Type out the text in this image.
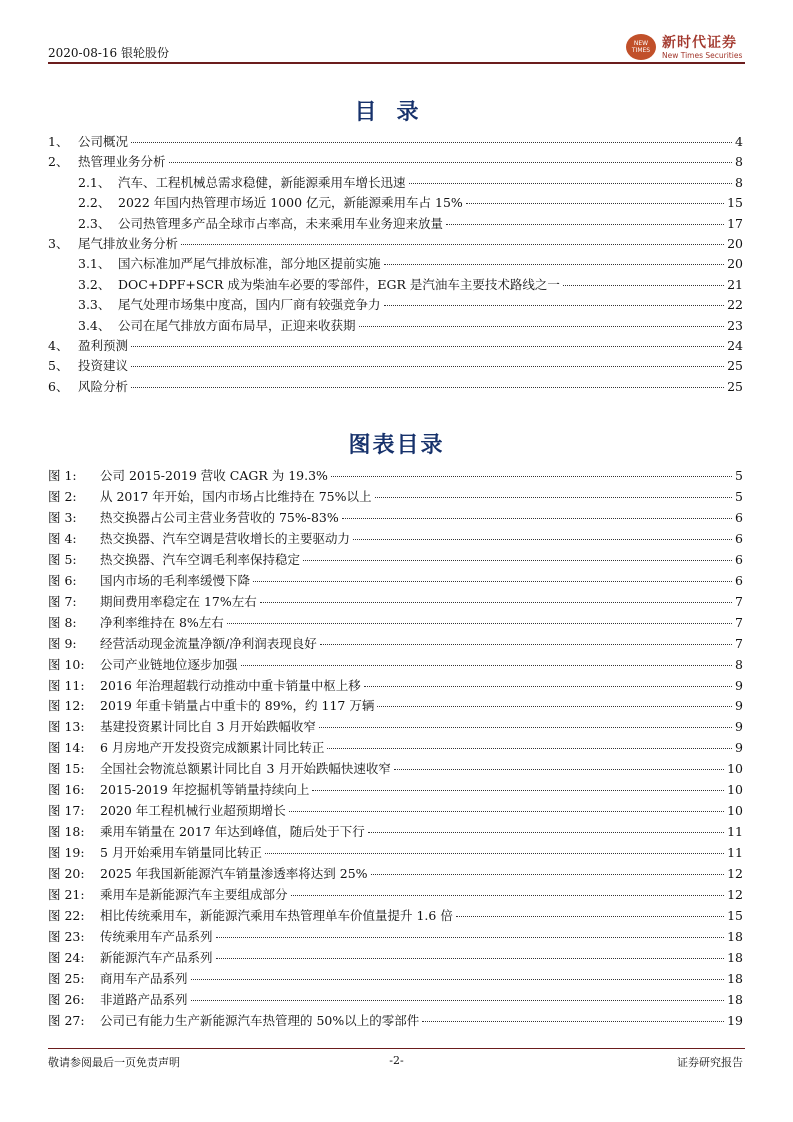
2020-08-16 银轮股份
NEW TIMES 新时代证券
New Times Securities
目录
1、 公司概况	4
2、 热管理业务分析	8
2.1、 汽车、工程机械总需求稳健，新能源乘用车增长迅速	8
2.2、 2022 年国内热管理市场近 1000 亿元，新能源乘用车占 15%	15
2.3、 公司热管理多产品全球市占率高，未来乘用车业务迎来放量	17
3、 尾气排放业务分析	20
3.1、 国六标准加严尾气排放标准，部分地区提前实施	20
3.2、 DOC+DPF+SCR 成为柴油车必要的零部件，EGR 是汽油车主要技术路线之一	21
3.3、 尾气处理市场集中度高，国内厂商有较强竞争力	22
3.4、 公司在尾气排放方面布局早，正迎来收获期	23
4、 盈利预测	24
5、 投资建议	25
6、 风险分析	25
图表目录
图 1:	公司 2015-2019 营收 CAGR 为 19.3%	5
图 2:	从 2017 年开始，国内市场占比维持在 75%以上	5
图 3:	热交换器占公司主营业务营收的 75%-83%	6
图 4:	热交换器、汽车空调是营收增长的主要驱动力	6
图 5:	热交换器、汽车空调毛利率保持稳定	6
图 6:	国内市场的毛利率缓慢下降	6
图 7:	期间费用率稳定在 17%左右	7
图 8:	净利率维持在 8%左右	7
图 9:	经营活动现金流量净额/净利润表现良好	7
图 10:	公司产业链地位逐步加强	8
图 11:	2016 年治理超载行动推动中重卡销量中枢上移	9
图 12:	2019 年重卡销量占中重卡的 89%，约 117 万辆	9
图 13:	基建投资累计同比自 3 月开始跌幅收窄	9
图 14:	6 月房地产开发投资完成额累计同比转正	9
图 15:	全国社会物流总额累计同比自 3 月开始跌幅快速收窄	10
图 16:	2015-2019 年挖掘机等销量持续向上	10
图 17:	2020 年工程机械行业超预期增长	10
图 18:	乘用车销量在 2017 年达到峰值，随后处于下行	11
图 19:	5 月开始乘用车销量同比转正	11
图 20:	2025 年我国新能源汽车销量渗透率将达到 25%	12
图 21:	乘用车是新能源汽车主要组成部分	12
图 22:	相比传统乘用车，新能源汽乘用车热管理单车价值量提升 1.6 倍	15
图 23:	传统乘用车产品系列	18
图 24:	新能源汽车产品系列	18
图 25:	商用车产品系列	18
图 26:	非道路产品系列	18
图 27:	公司已有能力生产新能源汽车热管理的 50%以上的零部件	19
敬请参阅最后一页免责声明	-2-	证券研究报告
